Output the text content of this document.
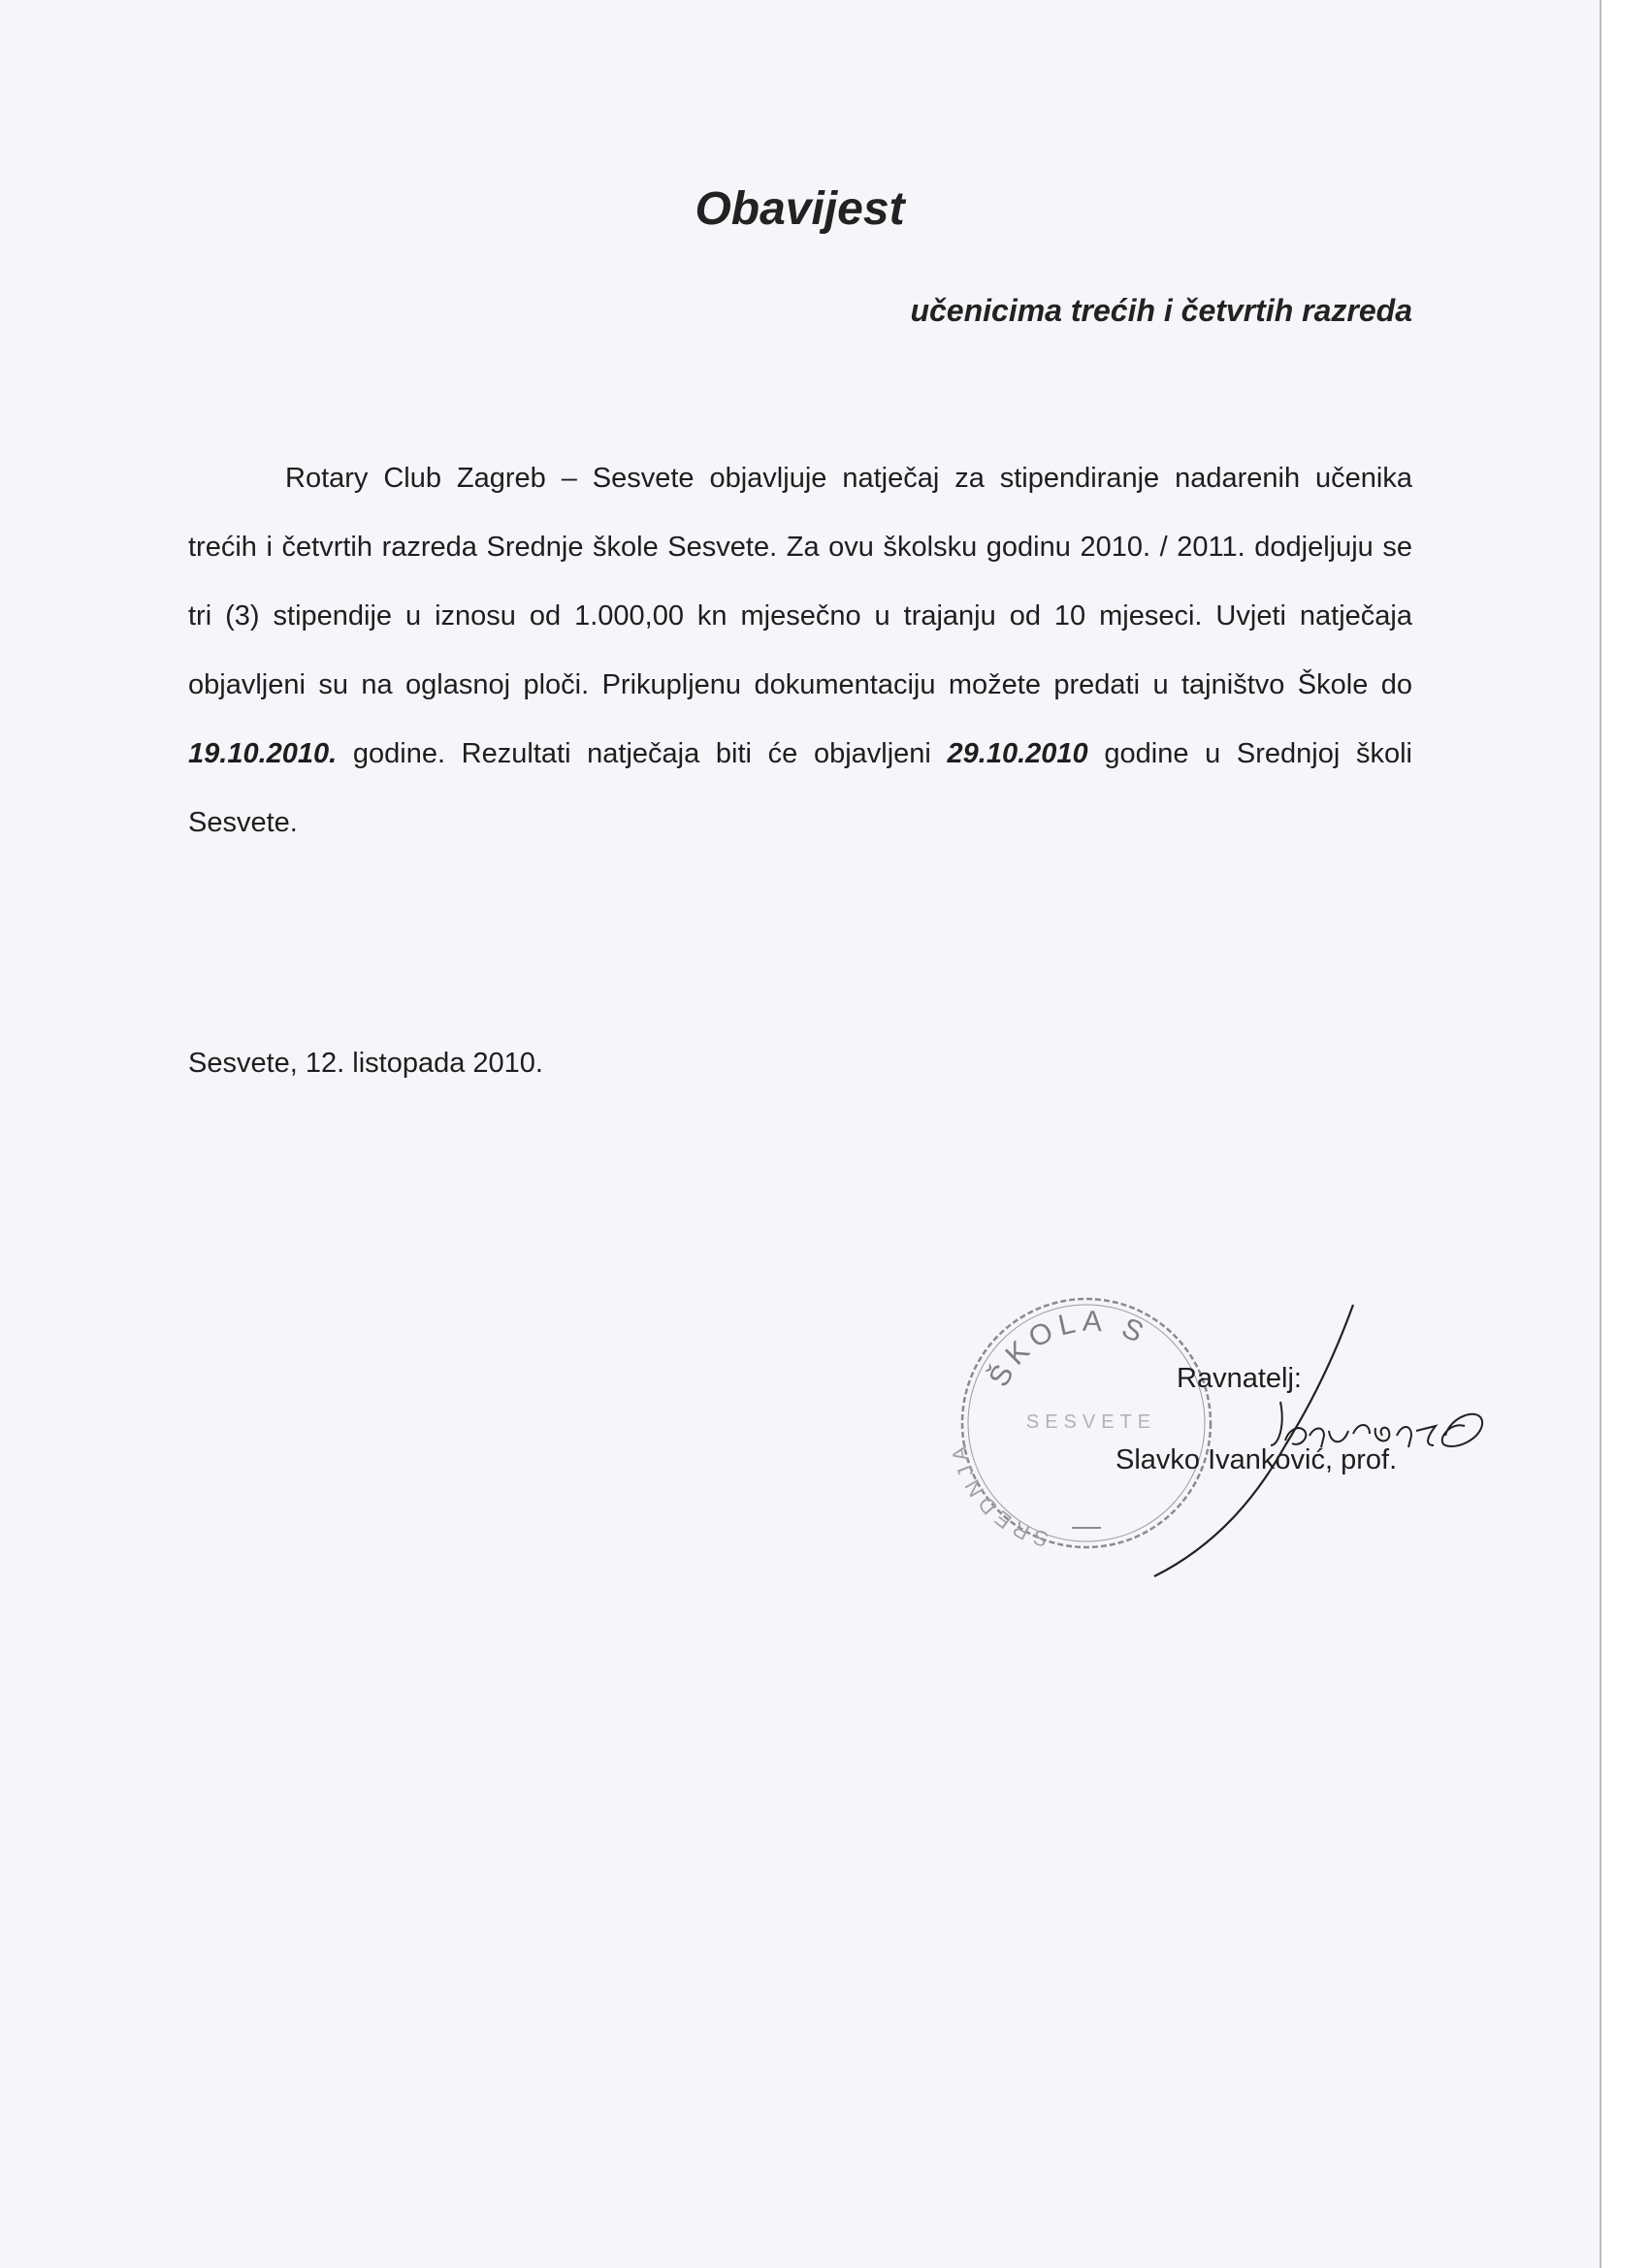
Obavijest
učenicima trećih i četvrtih razreda
Rotary Club Zagreb – Sesvete objavljuje natječaj za stipendiranje nadarenih učenika trećih i četvrtih razreda Srednje škole Sesvete. Za ovu školsku godinu 2010. / 2011. dodjeljuju se tri (3) stipendije u iznosu od 1.000,00 kn mjesečno u trajanju od 10 mjeseci. Uvjeti natječaja objavljeni su na oglasnoj ploči. Prikupljenu dokumentaciju možete predati u tajništvo Škole do 19.10.2010. godine. Rezultati natječaja biti će objavljeni 29.10.2010 godine u Srednjoj školi Sesvete.
Sesvete, 12. listopada 2010.
ŠKOLA S
SREDNJA
SESVETE
Ravnatelj:
Slavko Ivanković, prof.
